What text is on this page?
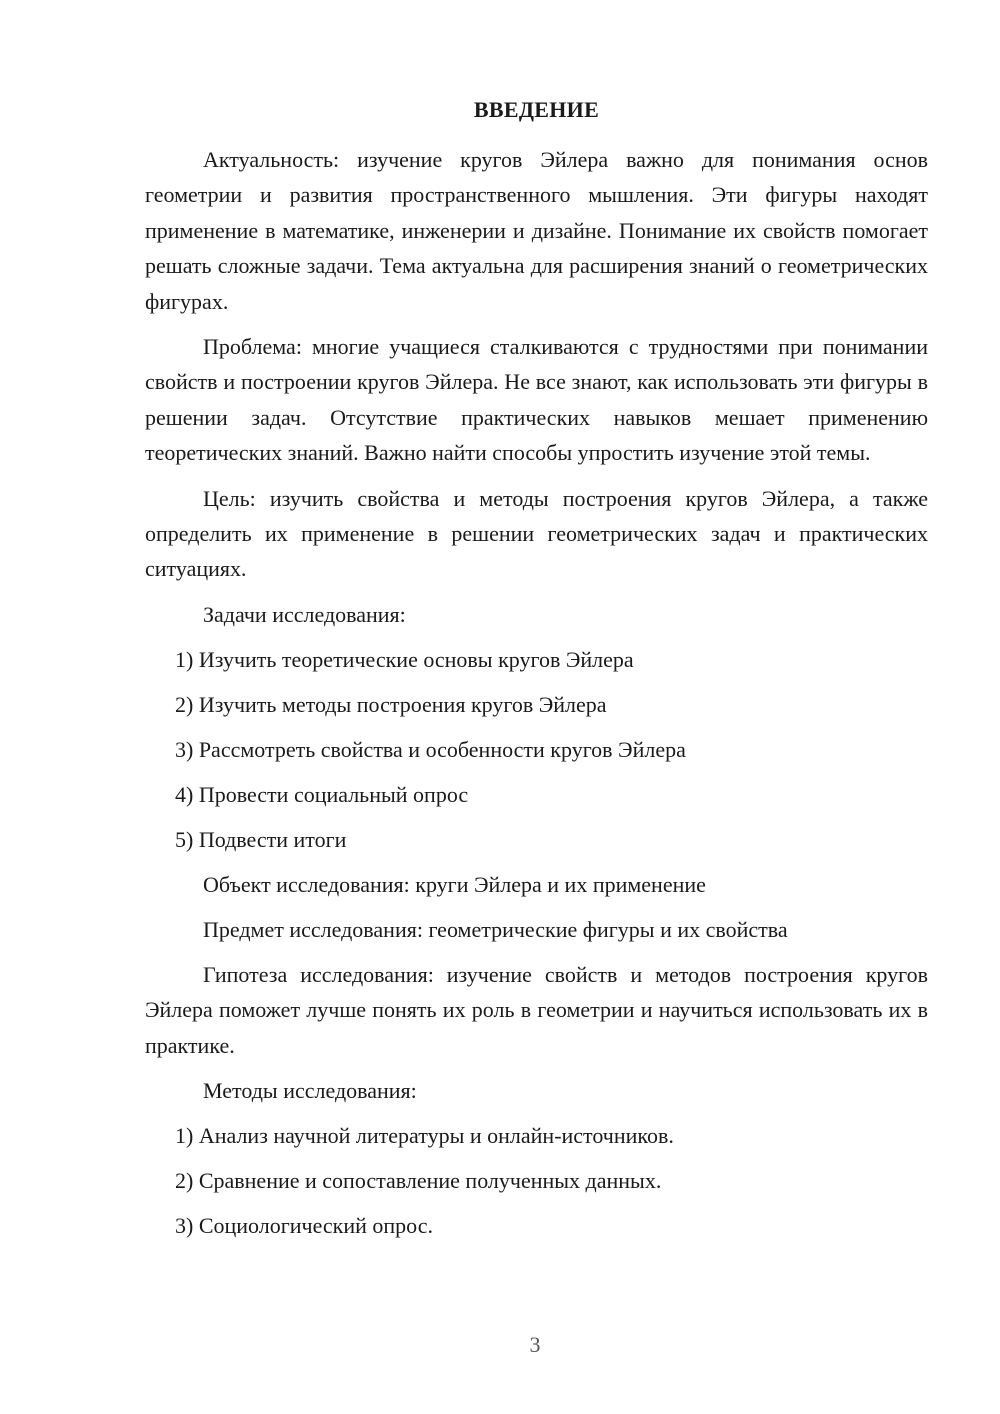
ВВЕДЕНИЕ

Актуальность: изучение кругов Эйлера важно для понимания основ геометрии и развития пространственного мышления. Эти фигуры находят применение в математике, инженерии и дизайне. Понимание их свойств помогает решать сложные задачи. Тема актуальна для расширения знаний о геометрических фигурах.

Проблема: многие учащиеся сталкиваются с трудностями при понимании свойств и построении кругов Эйлера. Не все знают, как использовать эти фигуры в решении задач. Отсутствие практических навыков мешает применению теоретических знаний. Важно найти способы упростить изучение этой темы.

Цель: изучить свойства и методы построения кругов Эйлера, а также определить их применение в решении геометрических задач и практических ситуациях.

Задачи исследования:

1) Изучить теоретические основы кругов Эйлера

2) Изучить методы построения кругов Эйлера

3) Рассмотреть свойства и особенности кругов Эйлера

4) Провести социальный опрос

5) Подвести итоги

Объект исследования: круги Эйлера и их применение

Предмет исследования: геометрические фигуры и их свойства

Гипотеза исследования: изучение свойств и методов построения кругов Эйлера поможет лучше понять их роль в геометрии и научиться использовать их в практике.

Методы исследования:

1) Анализ научной литературы и онлайн-источников.

2) Сравнение и сопоставление полученных данных.

3) Социологический опрос.

3
